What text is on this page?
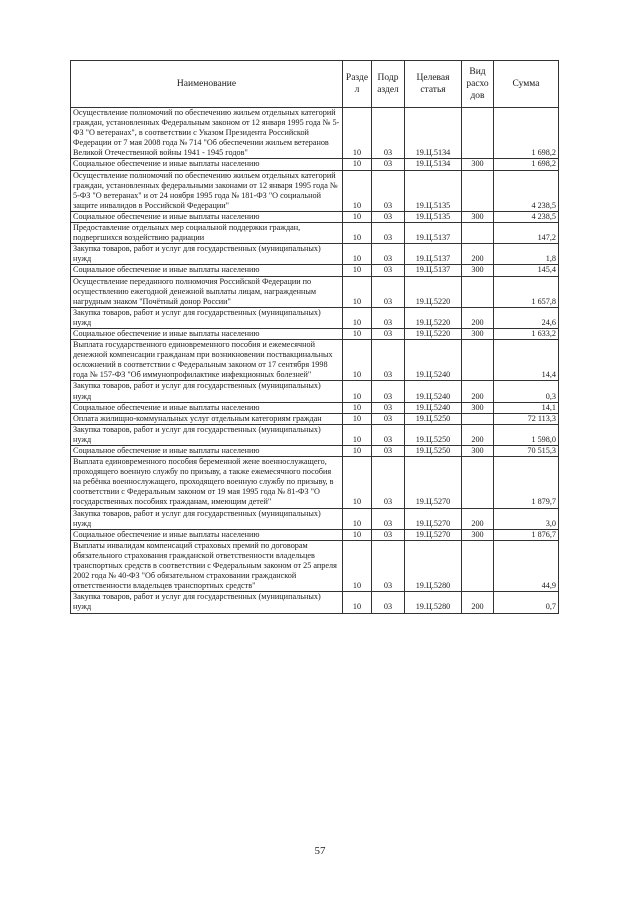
Наименование	Разде л	Подр аздел	Целевая статья	Вид расхо дов	Сумма
Осуществление полномочий по обеспечению жильем отдельных категорий граждан, установленных Федеральным законом от 12 января 1995 года № 5-ФЗ "О ветеранах", в соответствии с Указом Президента Российской Федерации от 7 мая 2008 года № 714 "Об обеспечении жильем ветеранов Великой Отечественной войны 1941 - 1945 годов"	10	03	19.Ц.5134		1 698,2
Социальное обеспечение и иные выплаты населению	10	03	19.Ц.5134	300	1 698,2
Осуществление полномочий по обеспечению жильем отдельных категорий граждан, установленных федеральными законами от 12 января 1995 года № 5-ФЗ "О ветеранах" и от 24 ноября 1995 года № 181-ФЗ "О социальной защите инвалидов в Российской Федерации"	10	03	19.Ц.5135		4 238,5
Социальное обеспечение и иные выплаты населению	10	03	19.Ц.5135	300	4 238,5
Предоставление отдельных мер социальной поддержки граждан, подвергшихся воздействию радиации	10	03	19.Ц.5137		147,2
Закупка товаров, работ и услуг для государственных (муниципальных) нужд	10	03	19.Ц.5137	200	1,8
Социальное обеспечение и иные выплаты населению	10	03	19.Ц.5137	300	145,4
Осуществление переданного полномочия Российской Федерации по осуществлению ежегодной денежной выплаты лицам, награжденным нагрудным знаком "Почётный донор России"	10	03	19.Ц.5220		1 657,8
Закупка товаров, работ и услуг для государственных (муниципальных) нужд	10	03	19.Ц.5220	200	24,6
Социальное обеспечение и иные выплаты населению	10	03	19.Ц.5220	300	1 633,2
Выплата государственного единовременного пособия и ежемесячной денежной компенсации гражданам при возникновении поствакцинальных осложнений в соответствии с Федеральным законом от 17 сентября 1998 года № 157-ФЗ "Об иммунопрофилактике инфекционных болезней"	10	03	19.Ц.5240		14,4
Закупка товаров, работ и услуг для государственных (муниципальных) нужд	10	03	19.Ц.5240	200	0,3
Социальное обеспечение и иные выплаты населению	10	03	19.Ц.5240	300	14,1
Оплата жилищно-коммунальных услуг отдельным категориям граждан	10	03	19.Ц.5250		72 113,3
Закупка товаров, работ и услуг для государственных (муниципальных) нужд	10	03	19.Ц.5250	200	1 598,0
Социальное обеспечение и иные выплаты населению	10	03	19.Ц.5250	300	70 515,3
Выплата единовременного пособия беременной жене военнослужащего, проходящего военную службу по призыву, а также ежемесячного пособия на ребёнка военнослужащего, проходящего военную службу по призыву, в соответствии с Федеральным законом от 19 мая 1995 года № 81-ФЗ "О государственных пособиях гражданам, имеющим детей"	10	03	19.Ц.5270		1 879,7
Закупка товаров, работ и услуг для государственных (муниципальных) нужд	10	03	19.Ц.5270	200	3,0
Социальное обеспечение и иные выплаты населению	10	03	19.Ц.5270	300	1 876,7
Выплаты инвалидам компенсаций страховых премий по договорам обязательного страхования гражданской ответственности владельцев транспортных средств в соответствии с Федеральным законом от 25 апреля 2002 года № 40-ФЗ "Об обязательном страховании гражданской ответственности владельцев транспортных средств"	10	03	19.Ц.5280		44,9
Закупка товаров, работ и услуг для государственных (муниципальных) нужд	10	03	19.Ц.5280	200	0,7
57
